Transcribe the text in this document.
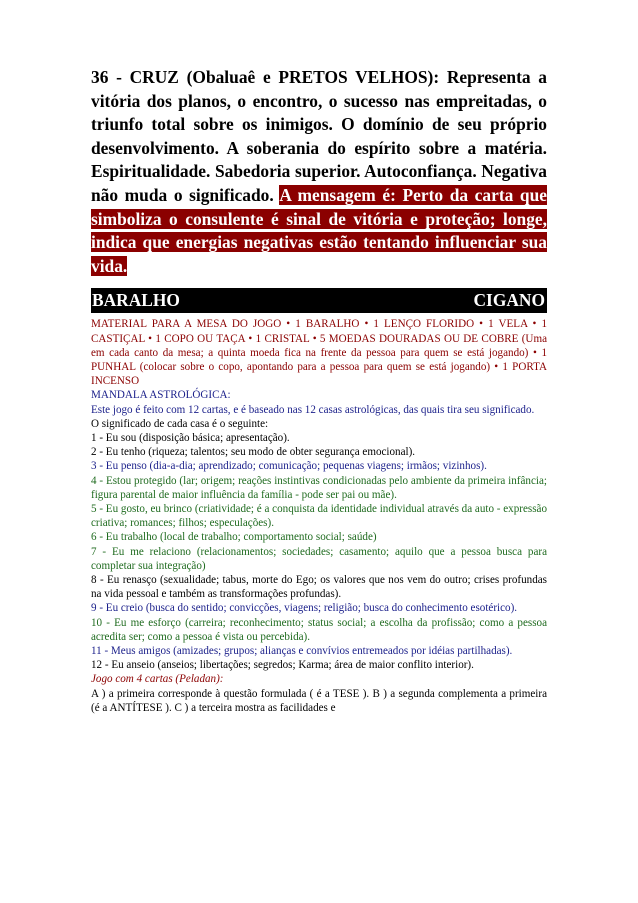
36 - CRUZ (Obaluaê e PRETOS VELHOS): Representa a vitória dos planos, o encontro, o sucesso nas empreitadas, o triunfo total sobre os inimigos. O domínio de seu próprio desenvolvimento. A soberania do espírito sobre a matéria. Espiritualidade. Sabedoria superior. Autoconfiança. Negativa não muda o significado. A mensagem é: Perto da carta que simboliza o consulente é sinal de vitória e proteção; longe, indica que energias negativas estão tentando influenciar sua vida.

BARALHO	CIGANO

MATERIAL PARA A MESA DO JOGO • 1 BARALHO • 1 LENÇO FLORIDO • 1 VELA • 1 CASTIÇAL • 1 COPO OU TAÇA • 1 CRISTAL • 5 MOEDAS DOURADAS OU DE COBRE (Uma em cada canto da mesa; a quinta moeda fica na frente da pessoa para quem se está jogando) • 1 PUNHAL (colocar sobre o copo, apontando para a pessoa para quem se está jogando) • 1 PORTA INCENSO

MANDALA ASTROLÓGICA:

Este jogo é feito com 12 cartas, e é baseado nas 12 casas astrológicas, das quais tira seu significado.

O significado de cada casa é o seguinte:

1 - Eu sou (disposição básica; apresentação).

2 - Eu tenho (riqueza; talentos; seu modo de obter segurança emocional).

3 - Eu penso (dia-a-dia; aprendizado; comunicação; pequenas viagens; irmãos; vizinhos).

4 - Estou protegido (lar; origem; reações instintivas condicionadas pelo ambiente da primeira infância; figura parental de maior influência da família - pode ser pai ou mãe).

5 - Eu gosto, eu brinco (criatividade; é a conquista da identidade individual através da auto - expressão criativa; romances; filhos; especulações).

6 - Eu trabalho (local de trabalho; comportamento social; saúde)

7 - Eu me relaciono (relacionamentos; sociedades; casamento; aquilo que a pessoa busca para completar sua integração)

8 - Eu renasço (sexualidade; tabus, morte do Ego; os valores que nos vem do outro; crises profundas na vida pessoal e também as transformações profundas).

9 - Eu creio (busca do sentido; convicções, viagens; religião; busca do conhecimento esotérico).

10 - Eu me esforço (carreira; reconhecimento; status social; a escolha da profissão; como a pessoa acredita ser; como a pessoa é vista ou percebida).

11 - Meus amigos (amizades; grupos; alianças e convívios entremeados por idéias partilhadas).

12 - Eu anseio (anseios; libertações; segredos; Karma; área de maior conflito interior).

Jogo com 4 cartas (Peladan):

A ) a primeira corresponde à questão formulada ( é a TESE ). B ) a segunda complementa a primeira (é a ANTÍTESE ). C ) a terceira mostra as facilidades e
